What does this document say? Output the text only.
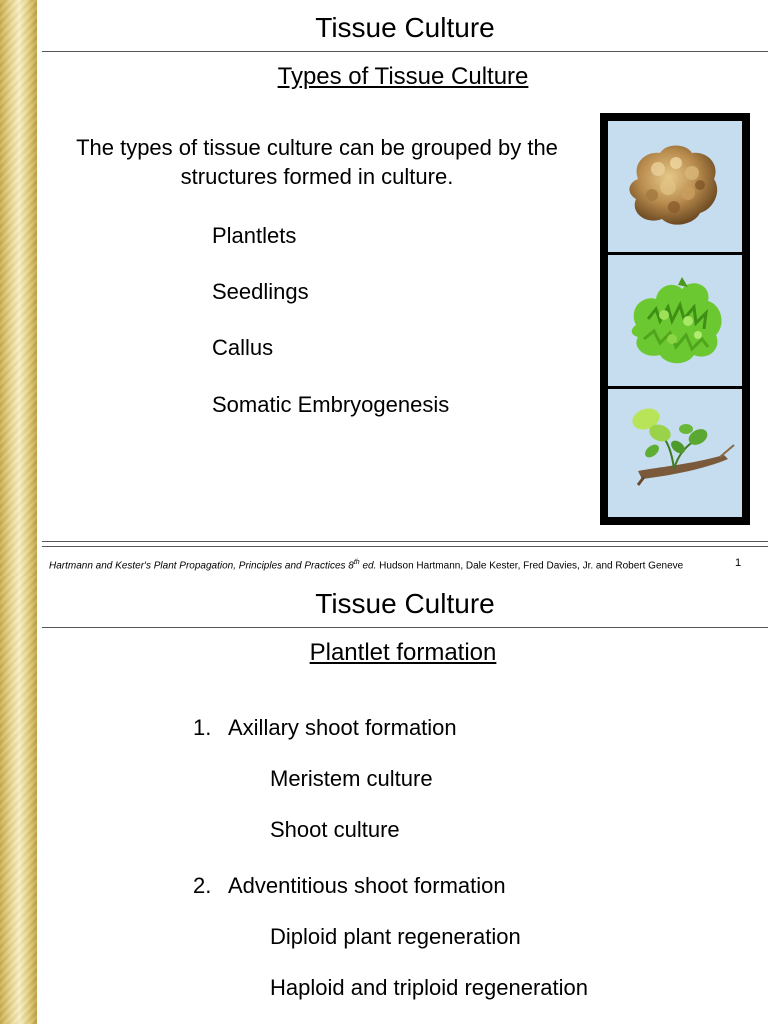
Tissue Culture
Types of Tissue Culture
The types of tissue culture can be grouped by the structures formed in culture.
Plantlets
Seedlings
Callus
Somatic Embryogenesis
Hartmann and Kester's Plant Propagation, Principles and Practices 8th ed. Hudson Hartmann, Dale Kester, Fred Davies, Jr. and Robert Geneve	1
Tissue Culture
Plantlet formation
1. Axillary shoot formation
Meristem culture
Shoot culture
2. Adventitious shoot formation
Diploid plant regeneration
Haploid and triploid regeneration
